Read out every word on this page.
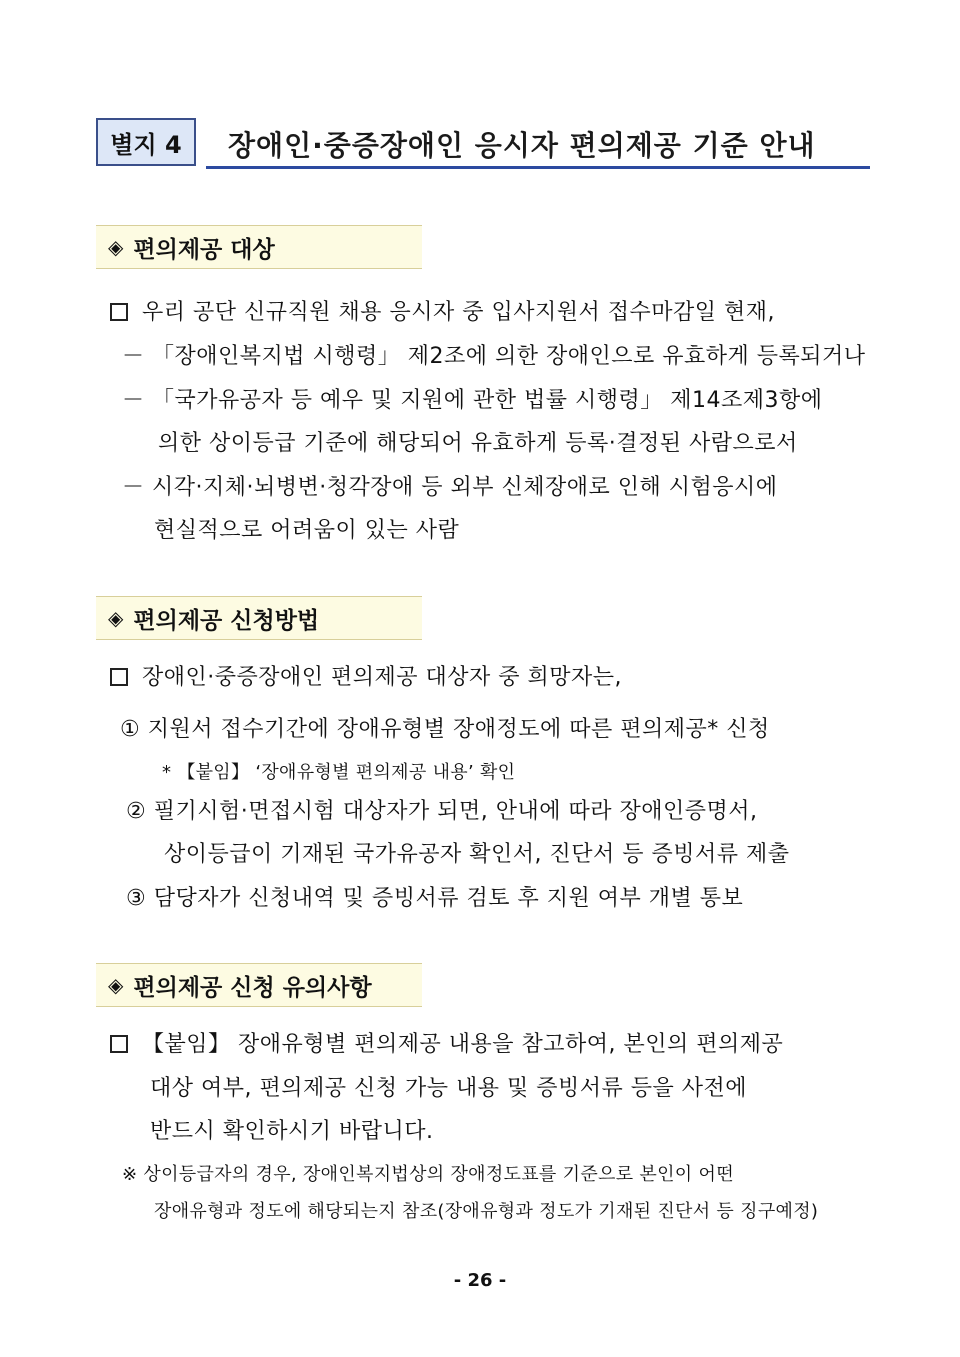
별지 4 장애인·중증장애인 응시자 편의제공 기준 안내
◈ 편의제공 대상
우리 공단 신규직원 채용 응시자 중 입사지원서 접수마감일 현재,
－ 「장애인복지법 시행령」 제2조에 의한 장애인으로 유효하게 등록되거나
－ 「국가유공자 등 예우 및 지원에 관한 법률 시행령」 제14조제3항에
의한 상이등급 기준에 해당되어 유효하게 등록·결정된 사람으로서
－ 시각·지체·뇌병변·청각장애 등 외부 신체장애로 인해 시험응시에
현실적으로 어려움이 있는 사람
◈ 편의제공 신청방법
장애인·중증장애인 편의제공 대상자 중 희망자는,
① 지원서 접수기간에 장애유형별 장애정도에 따른 편의제공* 신청
* 【붙임】 ‘장애유형별 편의제공 내용’ 확인
② 필기시험·면접시험 대상자가 되면, 안내에 따라 장애인증명서,
상이등급이 기재된 국가유공자 확인서, 진단서 등 증빙서류 제출
③ 담당자가 신청내역 및 증빙서류 검토 후 지원 여부 개별 통보
◈ 편의제공 신청 유의사항
【붙임】 장애유형별 편의제공 내용을 참고하여, 본인의 편의제공
대상 여부, 편의제공 신청 가능 내용 및 증빙서류 등을 사전에
반드시 확인하시기 바랍니다.
※ 상이등급자의 경우, 장애인복지법상의 장애정도표를 기준으로 본인이 어떤
장애유형과 정도에 해당되는지 참조(장애유형과 정도가 기재된 진단서 등 징구예정)
- 26 -
